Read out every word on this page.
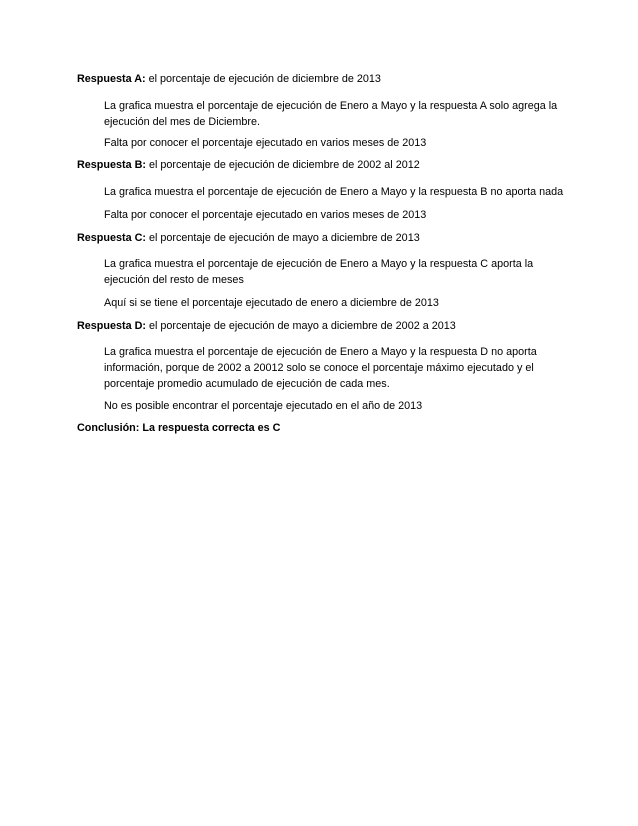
Respuesta A: el porcentaje de ejecución de diciembre de 2013
La grafica muestra el porcentaje de ejecución de Enero a Mayo y la respuesta A solo agrega la
ejecución del mes de Diciembre.
Falta por conocer el porcentaje ejecutado en varios meses de 2013
Respuesta B: el porcentaje de ejecución de diciembre de 2002 al 2012
La grafica muestra el porcentaje de ejecución de Enero a Mayo y la respuesta B no aporta nada
Falta por conocer el porcentaje ejecutado en varios meses de 2013
Respuesta C: el porcentaje de ejecución de mayo a diciembre de 2013
La grafica muestra el porcentaje de ejecución de Enero a Mayo y la respuesta C aporta la
ejecución del resto de meses
Aquí si se tiene el porcentaje ejecutado de enero a diciembre de 2013
Respuesta D: el porcentaje de ejecución de mayo a diciembre de 2002 a 2013
La grafica muestra el porcentaje de ejecución de Enero a Mayo y la respuesta D no aporta
información, porque de 2002 a 20012 solo se conoce el porcentaje máximo ejecutado y el
porcentaje promedio acumulado de ejecución de cada mes.
No es posible encontrar el porcentaje ejecutado en el año de 2013
Conclusión: La respuesta correcta es C
